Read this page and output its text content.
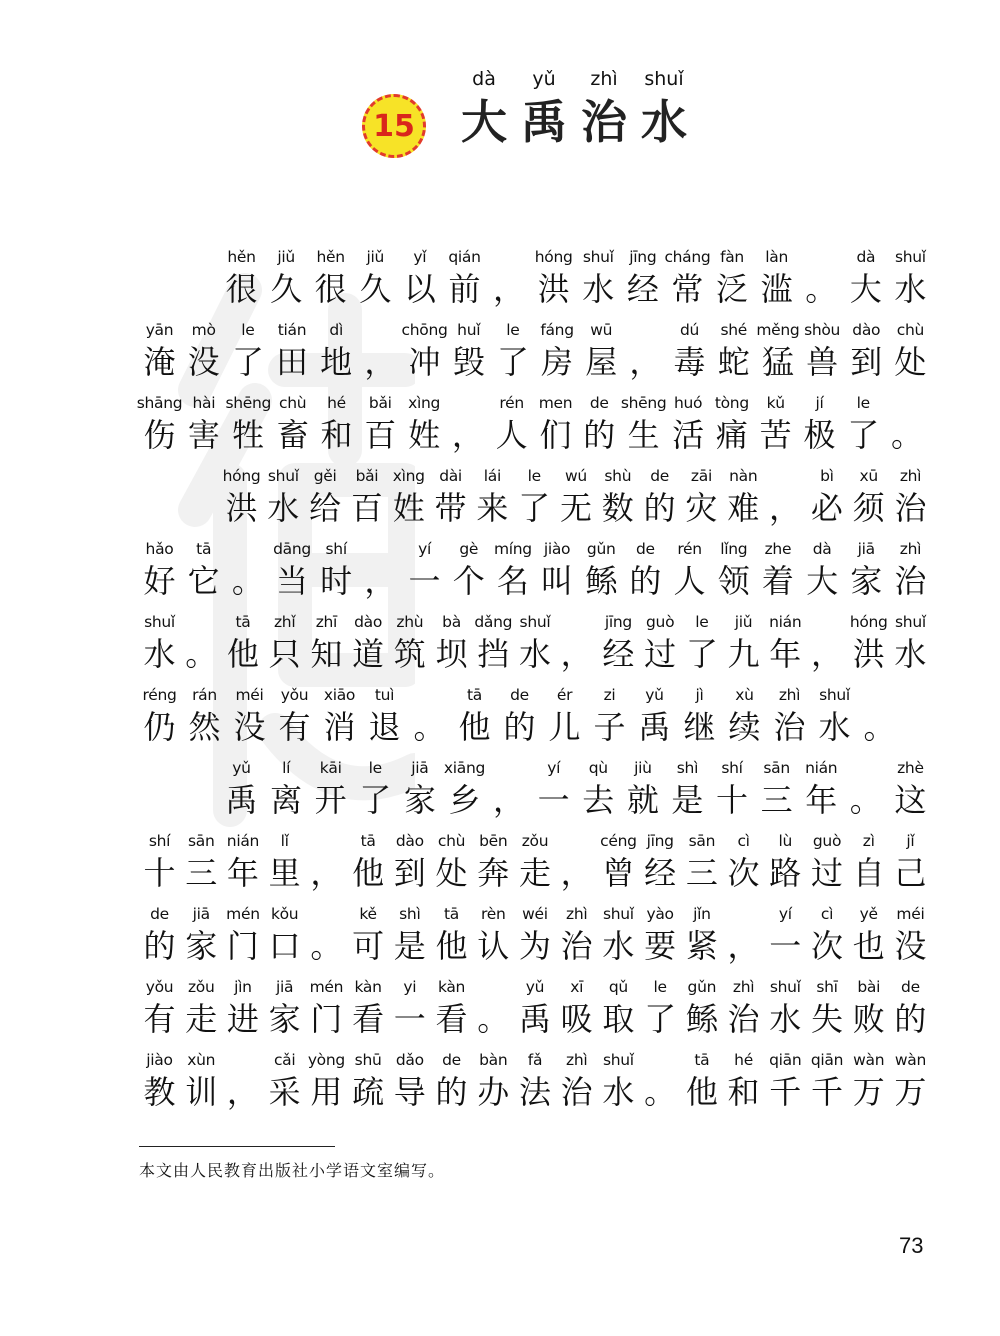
15
dà
大
yǔ
禹
zhì
治
shuǐ
水
hěn
很
jiǔ
久
hěn
很
jiǔ
久
yǐ
以
qián
前 ，
hóng
洪
shuǐ
水
jīng
经
cháng
常
fàn
泛
làn
滥 。
dà
大
shuǐ
水
yān
淹
mò
没
le
了
tián
田
dì
地 ，
chōng
冲
huǐ
毁
le
了
fáng
房
wū
屋 ，
dú
毒
shé
蛇
měng
猛
shòu
兽
dào
到
chù
处
shāng
伤
hài
害
shēng
牲
chù
畜
hé
和
bǎi
百
xìng
姓 ，
rén
人
men
们
de
的
shēng
生
huó
活
tòng
痛
kǔ
苦
jí
极
le
了 。
hóng
洪
shuǐ
水
gěi
给
bǎi
百
xìng
姓
dài
带
lái
来
le
了
wú
无
shù
数
de
的
zāi
灾
nàn
难 ，
bì
必
xū
须
zhì
治
hǎo
好
tā
它 。
dāng
当
shí
时 ，
yí
一
gè
个
míng
名
jiào
叫
gǔn
鲧
de
的
rén
人
lǐng
领
zhe
着
dà
大
jiā
家
zhì
治
shuǐ
水 。
tā
他
zhǐ
只
zhī
知
dào
道
zhù
筑
bà
坝
dǎng
挡
shuǐ
水 ，
jīng
经
guò
过
le
了
jiǔ
九
nián
年 ，
hóng
洪
shuǐ
水
réng
仍
rán
然
méi
没
yǒu
有
xiāo
消
tuì
退 。
tā
他
de
的
ér
儿
zi
子
yǔ
禹
jì
继
xù
续
zhì
治
shuǐ
水 。
yǔ
禹
lí
离
kāi
开
le
了
jiā
家
xiāng
乡 ，
yí
一
qù
去
jiù
就
shì
是
shí
十
sān
三
nián
年 。
zhè
这
shí
十
sān
三
nián
年
lǐ
里 ，
tā
他
dào
到
chù
处
bēn
奔
zǒu
走 ，
céng
曾
jīng
经
sān
三
cì
次
lù
路
guò
过
zì
自
jǐ
己
de
的
jiā
家
mén
门
kǒu
口 。
kě
可
shì
是
tā
他
rèn
认
wéi
为
zhì
治
shuǐ
水
yào
要
jǐn
紧 ，
yí
一
cì
次
yě
也
méi
没
yǒu
有
zǒu
走
jìn
进
jiā
家
mén
门
kàn
看
yi
一
kàn
看 。
yǔ
禹
xī
吸
qǔ
取
le
了
gǔn
鲧
zhì
治
shuǐ
水
shī
失
bài
败
de
的
jiào
教
xùn
训 ，
cǎi
采
yòng
用
shū
疏
dǎo
导
de
的
bàn
办
fǎ
法
zhì
治
shuǐ
水 。
tā
他
hé
和
qiān
千
qiān
千
wàn
万
wàn
万
本文由人民教育出版社小学语文室编写。
73
